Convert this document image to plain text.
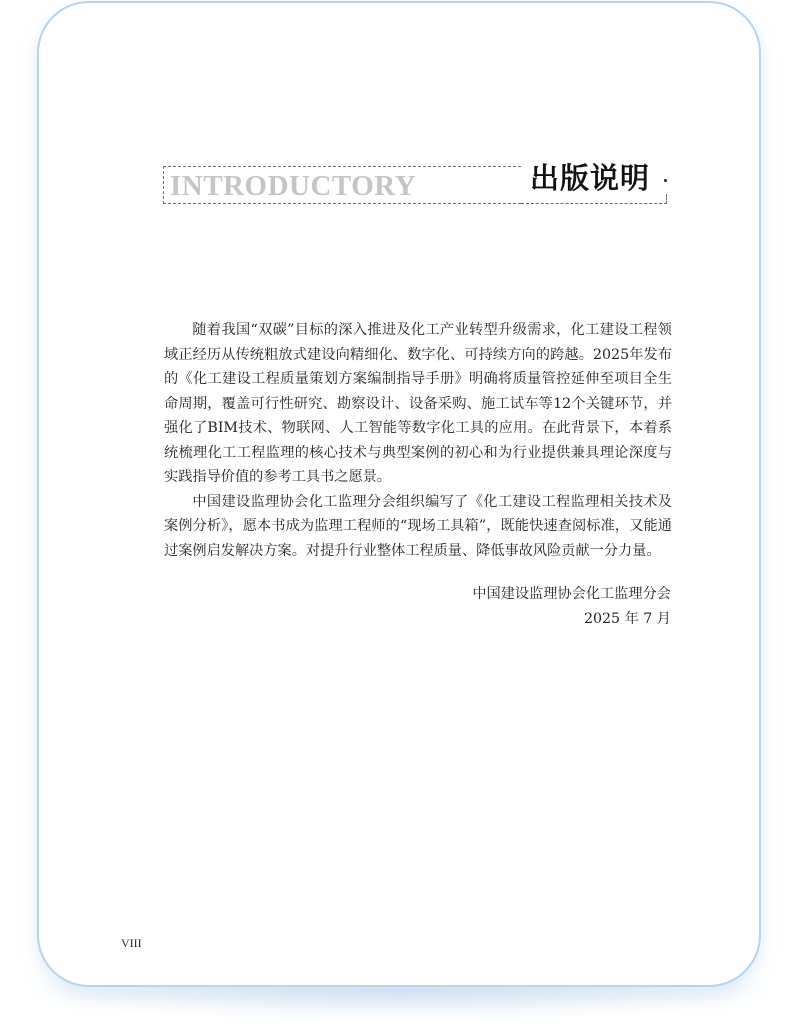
INTRODUCTORY	出版说明

随着我国“双碳”目标的深入推进及化工产业转型升级需求，化工建设工程领域正经历从传统粗放式建设向精细化、数字化、可持续方向的跨越。2025年发布的《化工建设工程质量策划方案编制指导手册》明确将质量管控延伸至项目全生命周期，覆盖可行性研究、勘察设计、设备采购、施工试车等12个关键环节，并强化了BIM技术、物联网、人工智能等数字化工具的应用。在此背景下，本着系统梳理化工工程监理的核心技术与典型案例的初心和为行业提供兼具理论深度与实践指导价值的参考工具书之愿景。

中国建设监理协会化工监理分会组织编写了《化工建设工程监理相关技术及案例分析》，愿本书成为监理工程师的“现场工具箱”，既能快速查阅标准，又能通过案例启发解决方案。对提升行业整体工程质量、降低事故风险贡献一分力量。

中国建设监理协会化工监理分会
2025 年 7 月
VIII
